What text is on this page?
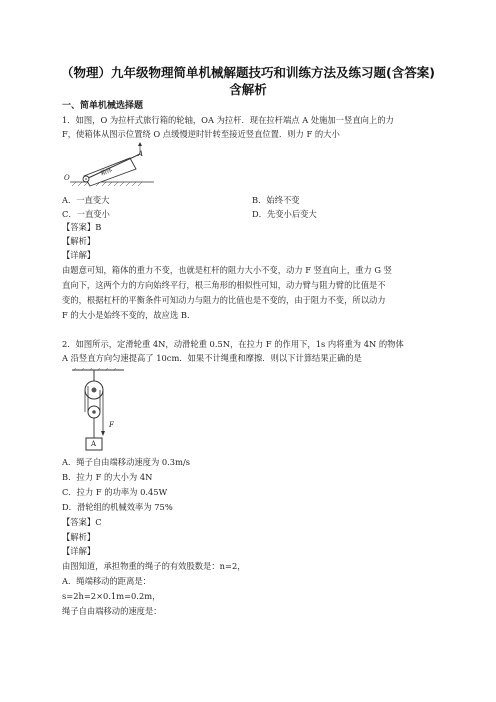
（物理）九年级物理简单机械解题技巧和训练方法及练习题(含答案)
含解析
一、简单机械选择题
1．如图，O 为拉杆式旅行箱的轮轴，OA 为拉杆．现在拉杆端点 A 处施加一竖直向上的力
F，使箱体从图示位置绕 O 点缓慢逆时针转至接近竖直位置．则力 F 的大小
箱体
A
O
A．一直变大	B．始终不变
C．一直变小	D．先变小后变大
【答案】B
【解析】
【详解】
由题意可知，箱体的重力不变，也就是杠杆的阻力大小不变，动力 F 竖直向上，重力 G 竖
直向下，这两个力的方向始终平行，根三角形的相似性可知，动力臂与阻力臂的比值是不
变的，根据杠杆的平衡条件可知动力与阻力的比值也是不变的，由于阻力不变，所以动力
F 的大小是始终不变的，故应选 B.
2．如图所示，定滑轮重 4N，动滑轮重 0.5N，在拉力 F 的作用下，1s 内将重为 4N 的物体
A 沿竖直方向匀速提高了 10cm．如果不计绳重和摩擦．则以下计算结果正确的是
F
A
A．绳子自由端移动速度为 0.3m/s
B．拉力 F 的大小为 4N
C．拉力 F 的功率为 0.45W
D．滑轮组的机械效率为 75%
【答案】C
【解析】
【详解】
由图知道，承担物重的绳子的有效股数是：n=2，
A．绳端移动的距离是：
s=2h=2×0.1m=0.2m，
绳子自由端移动的速度是：
